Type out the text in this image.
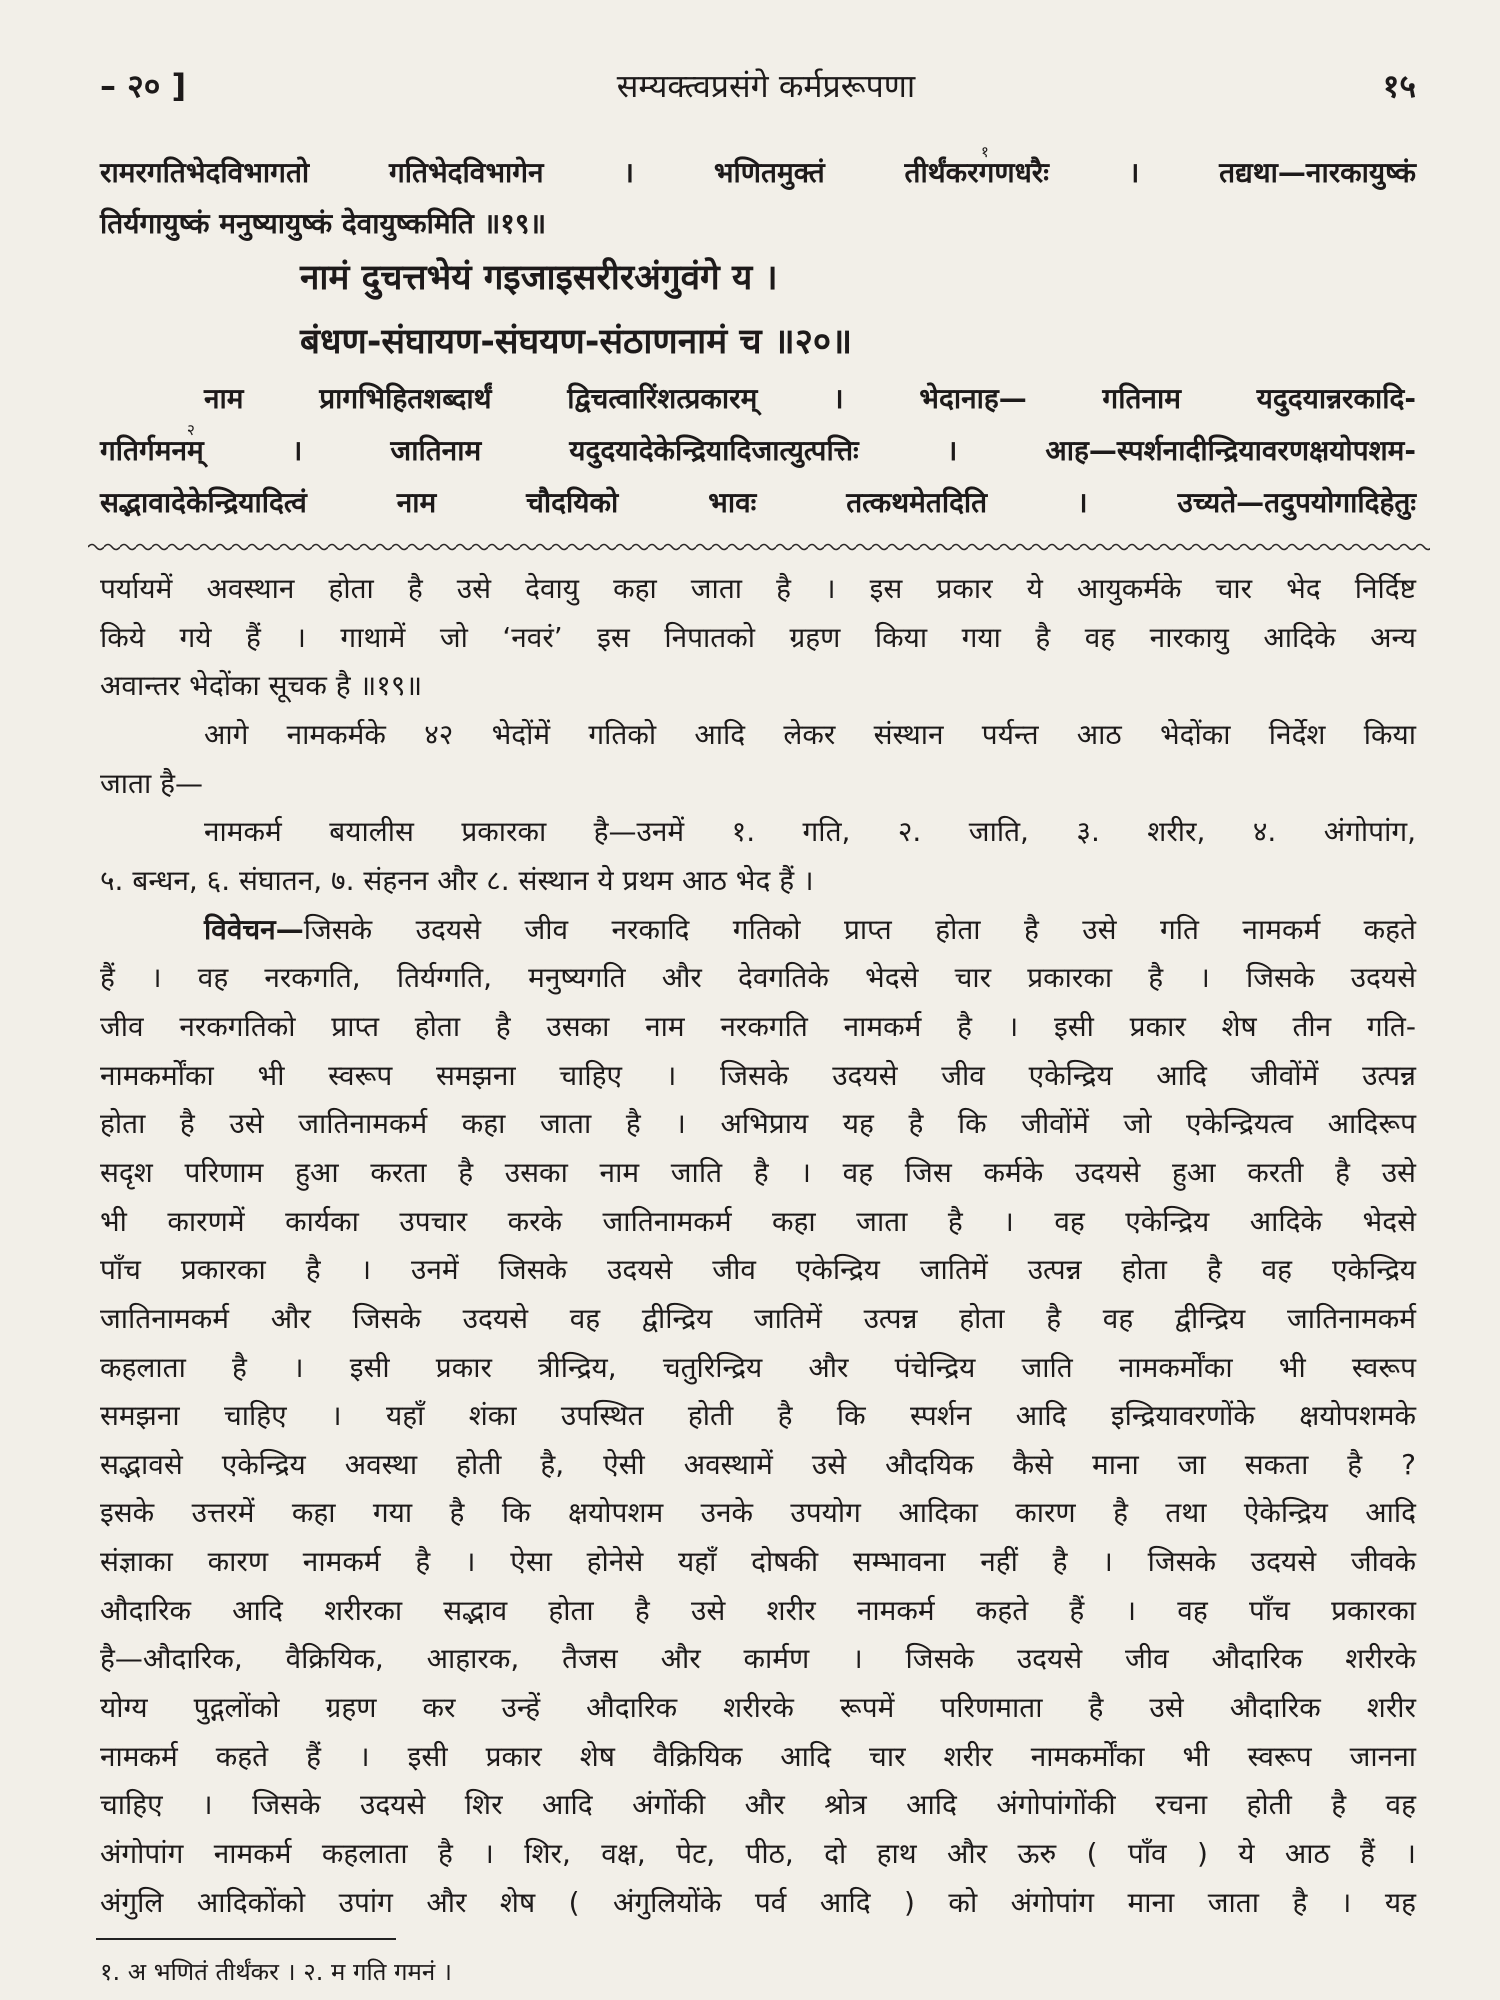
– २० ]	सम्यक्त्वप्रसंगे कर्मप्ररूपणा	१५
रामरगतिभेदविभागतो गतिभेदविभागेन । भणितमुक्तं तीर्थंकर$^१$गणधरैः । तद्यथा—नारकायुष्कं
तिर्यगायुष्कं मनुष्यायुष्कं देवायुष्कमिति ॥१९॥
नामं दुचत्तभेयं गइजाइसरीरअंगुवंगे य ।
बंधण-संघायण-संघयण-संठाणनामं च ॥२०॥
नाम प्रागभिहितशब्दार्थं द्विचत्वारिंशत्प्रकारम् । भेदानाह— गतिनाम यदुदयान्नरकादि-
गतिर्गमनम्$^२$ । जातिनाम यदुदयादेकेन्द्रियादिजात्युत्पत्तिः । आह—स्पर्शनादीन्द्रियावरणक्षयोपशम-
सद्भावादेकेन्द्रियादित्वं नाम चौदयिको भावः तत्कथमेतदिति । उच्यते—तदुपयोगादिहेतुः
पर्यायमें अवस्थान होता है उसे देवायु कहा जाता है । इस प्रकार ये आयुकर्मके चार भेद निर्दिष्ट
किये गये हैं । गाथामें जो ‘नवरं’ इस निपातको ग्रहण किया गया है वह नारकायु आदिके अन्य
अवान्तर भेदोंका सूचक है ॥१९॥
आगे नामकर्मके ४२ भेदोंमें गतिको आदि लेकर संस्थान पर्यन्त आठ भेदोंका निर्देश किया
जाता है—
नामकर्म बयालीस प्रकारका है—उनमें १. गति, २. जाति, ३. शरीर, ४. अंगोपांग,
५. बन्धन, ६. संघातन, ७. संहनन और ८. संस्थान ये प्रथम आठ भेद हैं ।
विवेचन—जिसके उदयसे जीव नरकादि गतिको प्राप्त होता है उसे गति नामकर्म कहते
हैं । वह नरकगति, तिर्यग्गति, मनुष्यगति और देवगतिके भेदसे चार प्रकारका है । जिसके उदयसे
जीव नरकगतिको प्राप्त होता है उसका नाम नरकगति नामकर्म है । इसी प्रकार शेष तीन गति-
नामकर्मोंका भी स्वरूप समझना चाहिए । जिसके उदयसे जीव एकेन्द्रिय आदि जीवोंमें उत्पन्न
होता है उसे जातिनामकर्म कहा जाता है । अभिप्राय यह है कि जीवोंमें जो एकेन्द्रियत्व आदिरूप
सदृश परिणाम हुआ करता है उसका नाम जाति है । वह जिस कर्मके उदयसे हुआ करती है उसे
भी कारणमें कार्यका उपचार करके जातिनामकर्म कहा जाता है । वह एकेन्द्रिय आदिके भेदसे
पाँच प्रकारका है । उनमें जिसके उदयसे जीव एकेन्द्रिय जातिमें उत्पन्न होता है वह एकेन्द्रिय
जातिनामकर्म और जिसके उदयसे वह द्वीन्द्रिय जातिमें उत्पन्न होता है वह द्वीन्द्रिय जातिनामकर्म
कहलाता है । इसी प्रकार त्रीन्द्रिय, चतुरिन्द्रिय और पंचेन्द्रिय जाति नामकर्मोंका भी स्वरूप
समझना चाहिए । यहाँ शंका उपस्थित होती है कि स्पर्शन आदि इन्द्रियावरणोंके क्षयोपशमके
सद्भावसे एकेन्द्रिय अवस्था होती है, ऐसी अवस्थामें उसे औदयिक कैसे माना जा सकता है ?
इसके उत्तरमें कहा गया है कि क्षयोपशम उनके उपयोग आदिका कारण है तथा ऐकेन्द्रिय आदि
संज्ञाका कारण नामकर्म है । ऐसा होनेसे यहाँ दोषकी सम्भावना नहीं है । जिसके उदयसे जीवके
औदारिक आदि शरीरका सद्भाव होता है उसे शरीर नामकर्म कहते हैं । वह पाँच प्रकारका
है—औदारिक, वैक्रियिक, आहारक, तैजस और कार्मण । जिसके उदयसे जीव औदारिक शरीरके
योग्य पुद्गलोंको ग्रहण कर उन्हें औदारिक शरीरके रूपमें परिणमाता है उसे औदारिक शरीर
नामकर्म कहते हैं । इसी प्रकार शेष वैक्रियिक आदि चार शरीर नामकर्मोंका भी स्वरूप जानना
चाहिए । जिसके उदयसे शिर आदि अंगोंकी और श्रोत्र आदि अंगोपांगोंकी रचना होती है वह
अंगोपांग नामकर्म कहलाता है । शिर, वक्ष, पेट, पीठ, दो हाथ और ऊरु ( पाँव ) ये आठ हैं ।
अंगुलि आदिकोंको उपांग और शेष ( अंगुलियोंके पर्व आदि ) को अंगोपांग माना जाता है । यह
१. अ भणितं तीर्थंकर । २. म गति गमनं ।
